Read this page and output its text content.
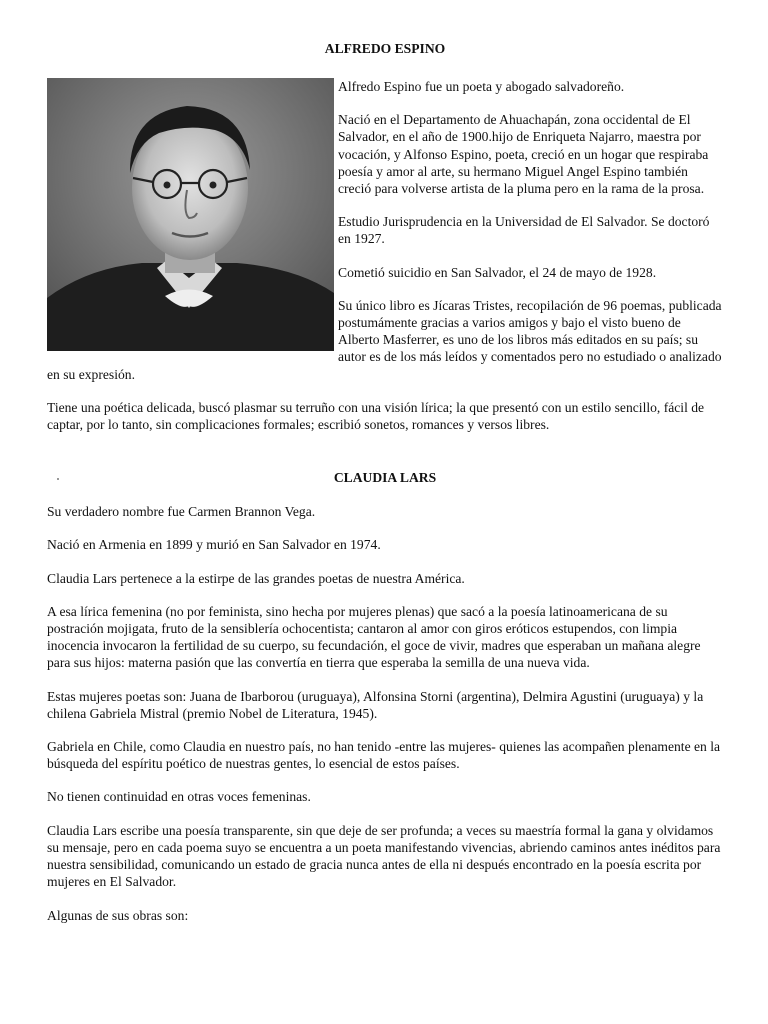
ALFREDO ESPINO

Alfredo Espino fue un poeta y abogado salvadoreño.

Nació en el Departamento de Ahuachapán, zona occidental de El Salvador, en el año de 1900.hijo de Enriqueta Najarro, maestra por vocación, y Alfonso Espino, poeta, creció en un hogar que respiraba poesía y amor al arte, su hermano Miguel Angel Espino también creció para volverse artista de la pluma pero en la rama de la prosa.

Estudio Jurisprudencia en la Universidad de El Salvador. Se doctoró en 1927.

Cometió suicidio en San Salvador, el 24 de mayo de 1928.

Su único libro es Jícaras Tristes, recopilación de 96 poemas, publicada postumámente gracias a varios amigos y bajo el visto bueno de Alberto Masferrer, es uno de los libros más editados en su país; su autor es de los más leídos y comentados pero no estudiado o analizado en su expresión.

Tiene una poética delicada, buscó plasmar su terruño con una visión lírica; la que presentó con un estilo sencillo, fácil de captar, por lo tanto, sin complicaciones formales; escribió sonetos, romances y versos libres.

CLAUDIA LARS

Su verdadero nombre fue Carmen Brannon Vega.

Nació en Armenia en 1899 y murió en San Salvador en 1974.

Claudia Lars pertenece a la estirpe de las grandes poetas de nuestra América.

A esa lírica femenina (no por feminista, sino hecha por mujeres plenas) que sacó a la poesía latinoamericana de su postración mojigata, fruto de la sensiblería ochocentista; cantaron al amor con giros eróticos estupendos, con limpia inocencia invocaron la fertilidad de su cuerpo, su fecundación, el goce de vivir, madres que esperaban un mañana alegre para sus hijos: materna pasión que las convertía en tierra que esperaba la semilla de una nueva vida.

Estas mujeres poetas son: Juana de Ibarborou (uruguaya), Alfonsina Storni (argentina), Delmira Agustini (uruguaya) y la chilena Gabriela Mistral (premio Nobel de Literatura, 1945).

Gabriela en Chile, como Claudia en nuestro país, no han tenido -entre las mujeres- quienes las acompañen plenamente en la búsqueda del espíritu poético de nuestras gentes, lo esencial de estos países.

No tienen continuidad en otras voces femeninas.

Claudia Lars escribe una poesía transparente, sin que deje de ser profunda; a veces su maestría formal la gana y olvidamos su mensaje, pero en cada poema suyo se encuentra a un poeta manifestando vivencias, abriendo caminos antes inéditos para nuestra sensibilidad, comunicando un estado de gracia nunca antes de ella ni después encontrado en la poesía escrita por mujeres en El Salvador.

Algunas de sus obras son:
